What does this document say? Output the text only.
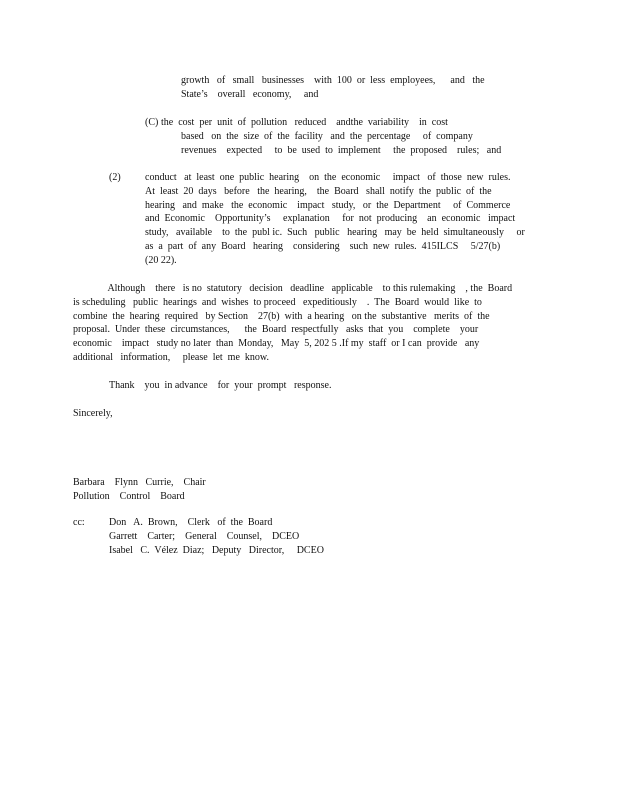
growth   of   small   businesses    with  100  or  less  employees,      and   the
State’s    overall   economy,     and
(C) the  cost  per  unit  of  pollution   reduced    andthe  variability    in  cost
based   on  the  size  of  the  facility   and  the  percentage     of  company
revenues    expected     to  be  used  to  implement     the  proposed    rules;   and
(2) conduct   at  least  one  public  hearing    on  the  economic     impact   of  those  new  rules.
At  least  20  days   before   the  hearing,    the  Board   shall  notify  the  public  of  the
hearing   and  make   the  economic    impact   study,   or  the  Department     of  Commerce
and  Economic    Opportunity’s     explanation     for  not  producing    an  economic   impact
study,   available    to  the  publ ic.  Such   public   hearing   may  be  held  simultaneously     or
as  a  part  of  any  Board   hearing    considering    such  new  rules.  415ILCS     5/27(b)
(20 22).
Although    there   is no  statutory   decision   deadline   applicable    to this rulemaking    , the  Board
is scheduling   public  hearings  and  wishes  to proceed   expeditiously    .  The  Board  would  like  to
combine  the  hearing  required   by Section    27(b)  with  a hearing   on the  substantive   merits  of  the
proposal.  Under  these  circumstances,      the  Board  respectfully   asks  that  you    complete    your
economic    impact   study no later  than  Monday,   May  5, 202 5 .If my  staff  or I can  provide   any
additional   information,     please  let  me  know.
Thank    you  in advance    for  your  prompt   response.
Sincerely,
Barbara    Flynn   Currie,    Chair
Pollution    Control    Board
cc: Don   A.  Brown,    Clerk   of  the  Board
Garrett    Carter;    General    Counsel,    DCEO
Isabel   C.  Vélez  Diaz;   Deputy   Director,     DCEO
